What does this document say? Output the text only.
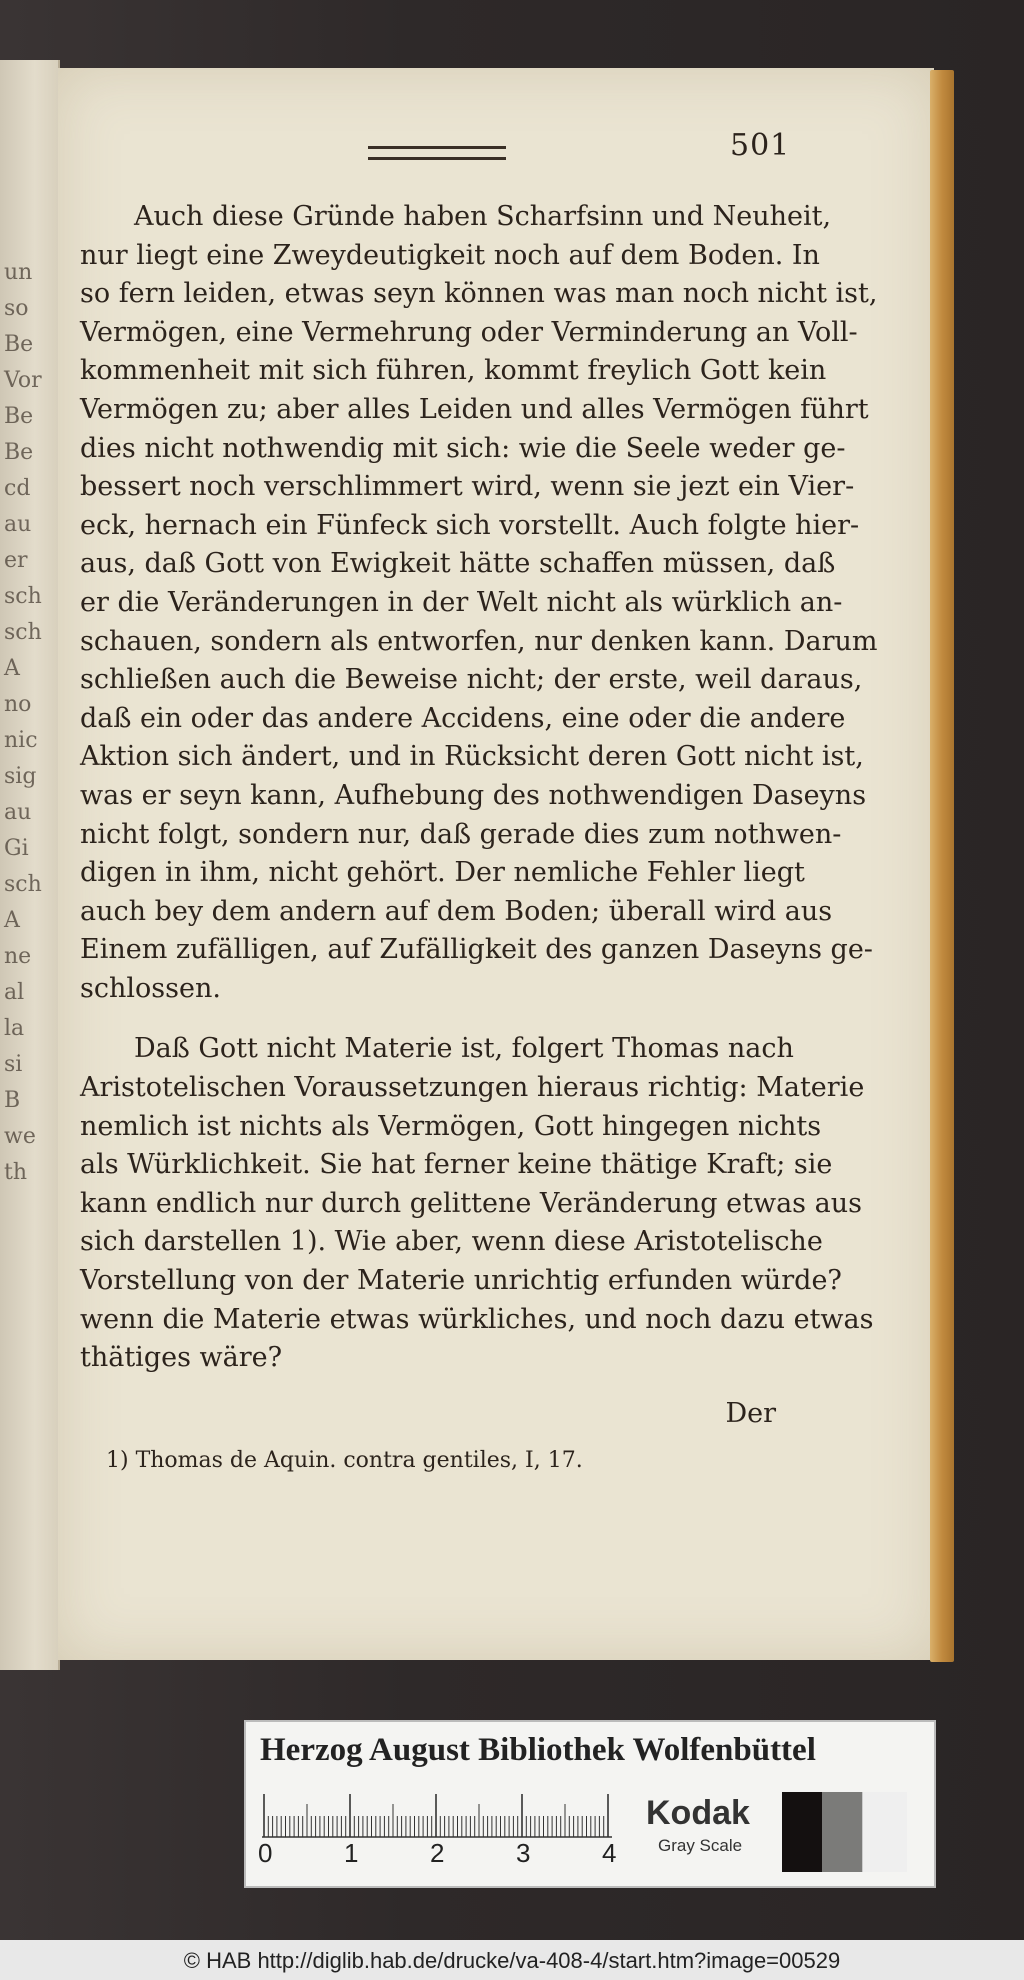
un
so
Be
Vor
Be
Be
cd
au
er
sch
sch
A
no
nic
sig
au
Gi
sch
A
ne
al
la
si
B
we
th
501
Auch diese Gründe haben Scharfsinn und Neuheit,
nur liegt eine Zweydeutigkeit noch auf dem Boden. In
so fern leiden, etwas seyn können was man noch nicht ist,
Vermögen, eine Vermehrung oder Verminderung an Voll-
kommenheit mit sich führen, kommt freylich Gott kein
Vermögen zu; aber alles Leiden und alles Vermögen führt
dies nicht nothwendig mit sich: wie die Seele weder ge-
bessert noch verschlimmert wird, wenn sie jezt ein Vier-
eck, hernach ein Fünfeck sich vorstellt. Auch folgte hier-
aus, daß Gott von Ewigkeit hätte schaffen müssen, daß
er die Veränderungen in der Welt nicht als würklich an-
schauen, sondern als entworfen, nur denken kann. Darum
schließen auch die Beweise nicht; der erste, weil daraus,
daß ein oder das andere Accidens, eine oder die andere
Aktion sich ändert, und in Rücksicht deren Gott nicht ist,
was er seyn kann, Aufhebung des nothwendigen Daseyns
nicht folgt, sondern nur, daß gerade dies zum nothwen-
digen in ihm, nicht gehört. Der nemliche Fehler liegt
auch bey dem andern auf dem Boden; überall wird aus
Einem zufälligen, auf Zufälligkeit des ganzen Daseyns ge-
schlossen.
Daß Gott nicht Materie ist, folgert Thomas nach
Aristotelischen Voraussetzungen hieraus richtig: Materie
nemlich ist nichts als Vermögen, Gott hingegen nichts
als Würklichkeit. Sie hat ferner keine thätige Kraft; sie
kann endlich nur durch gelittene Veränderung etwas aus
sich darstellen 1). Wie aber, wenn diese Aristotelische
Vorstellung von der Materie unrichtig erfunden würde?
wenn die Materie etwas würkliches, und noch dazu etwas
thätiges wäre?
Der
1) Thomas de Aquin. contra gentiles, I, 17.
Herzog August Bibliothek Wolfenbüttel
0	1	2	3	4
Kodak
Gray Scale
© HAB http://diglib.hab.de/drucke/va-408-4/start.htm?image=00529
